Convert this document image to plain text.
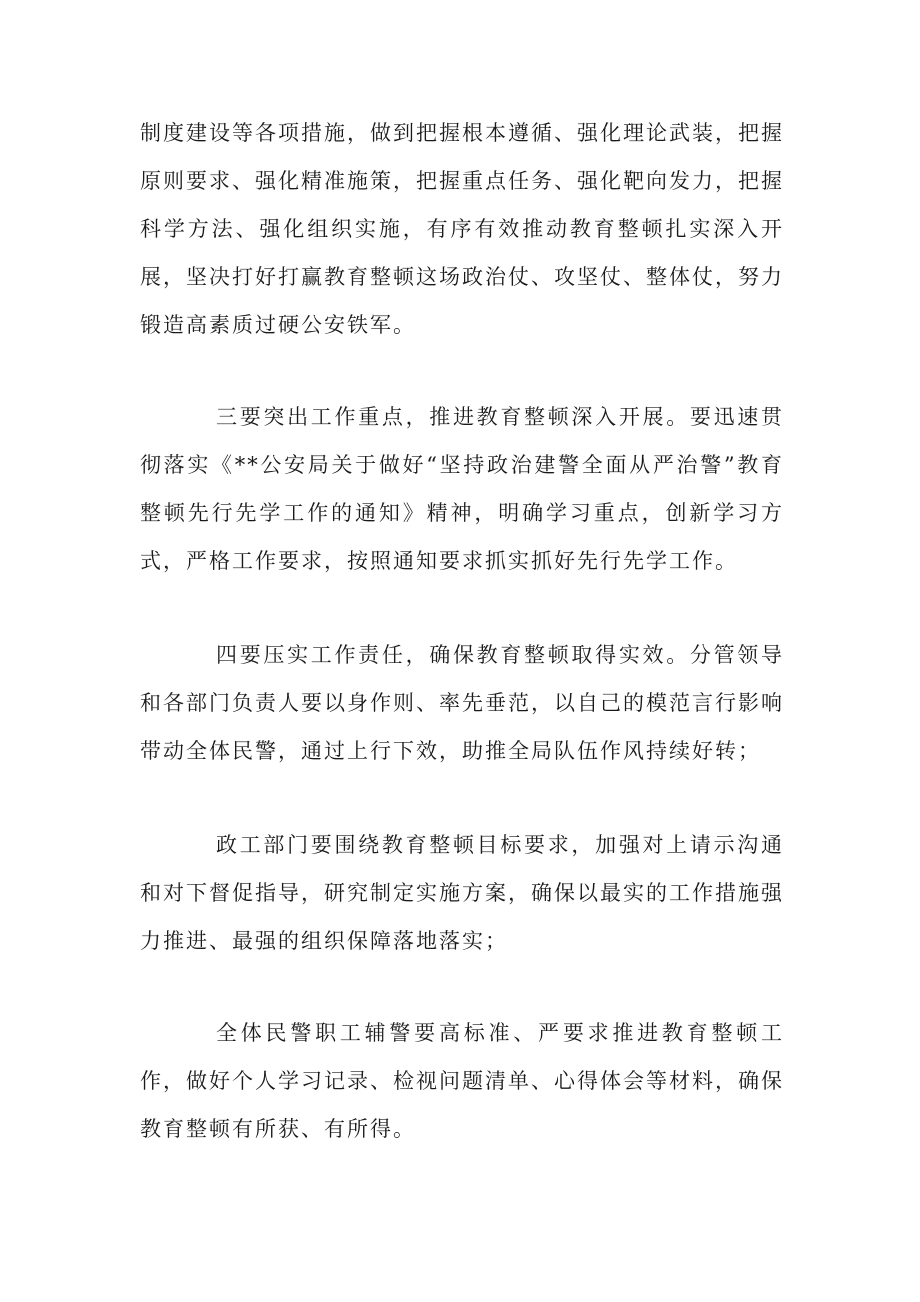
制度建设等各项措施，做到把握根本遵循、强化理论武装，把握原则要求、强化精准施策，把握重点任务、强化靶向发力，把握科学方法、强化组织实施，有序有效推动教育整顿扎实深入开展，坚决打好打赢教育整顿这场政治仗、攻坚仗、整体仗，努力锻造高素质过硬公安铁军。

三要突出工作重点，推进教育整顿深入开展。要迅速贯彻落实《**公安局关于做好“坚持政治建警全面从严治警”教育整顿先行先学工作的通知》精神，明确学习重点，创新学习方式，严格工作要求，按照通知要求抓实抓好先行先学工作。

四要压实工作责任，确保教育整顿取得实效。分管领导和各部门负责人要以身作则、率先垂范，以自己的模范言行影响带动全体民警，通过上行下效，助推全局队伍作风持续好转；

政工部门要围绕教育整顿目标要求，加强对上请示沟通和对下督促指导，研究制定实施方案，确保以最实的工作措施强力推进、最强的组织保障落地落实；

全体民警职工辅警要高标准、严要求推进教育整顿工作，做好个人学习记录、检视问题清单、心得体会等材料，确保教育整顿有所获、有所得。
